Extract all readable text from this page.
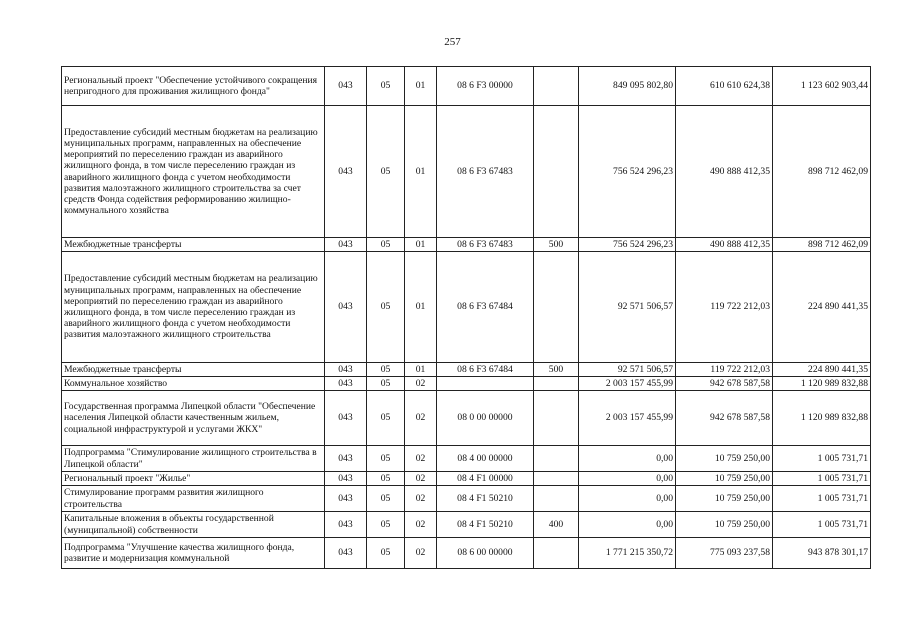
257
Региональный проект "Обеспечение устойчивого сокращения непригодного для проживания жилищного фонда"	043	05	01	08 6 F3 00000		849 095 802,80	610 610 624,38	1 123 602 903,44
Предоставление субсидий местным бюджетам на реализацию муниципальных программ, направленных на обеспечение мероприятий по переселению граждан из аварийного жилищного фонда, в том числе переселению граждан из аварийного жилищного фонда с учетом необходимости развития малоэтажного жилищного строительства за счет средств Фонда содействия реформированию жилищно-коммунального хозяйства	043	05	01	08 6 F3 67483		756 524 296,23	490 888 412,35	898 712 462,09
Межбюджетные трансферты	043	05	01	08 6 F3 67483	500	756 524 296,23	490 888 412,35	898 712 462,09
Предоставление субсидий местным бюджетам на реализацию муниципальных программ, направленных на обеспечение мероприятий по переселению граждан из аварийного жилищного фонда, в том числе переселению граждан из аварийного жилищного фонда с учетом необходимости развития малоэтажного жилищного строительства	043	05	01	08 6 F3 67484		92 571 506,57	119 722 212,03	224 890 441,35
Межбюджетные трансферты	043	05	01	08 6 F3 67484	500	92 571 506,57	119 722 212,03	224 890 441,35
Коммунальное хозяйство	043	05	02			2 003 157 455,99	942 678 587,58	1 120 989 832,88
Государственная программа Липецкой области "Обеспечение населения Липецкой области качественным жильем, социальной инфраструктурой и услугами ЖКХ"	043	05	02	08 0 00 00000		2 003 157 455,99	942 678 587,58	1 120 989 832,88
Подпрограмма "Стимулирование жилищного строительства в Липецкой области"	043	05	02	08 4 00 00000		0,00	10 759 250,00	1 005 731,71
Региональный проект "Жилье"	043	05	02	08 4 F1 00000		0,00	10 759 250,00	1 005 731,71
Стимулирование программ развития жилищного строительства	043	05	02	08 4 F1 50210		0,00	10 759 250,00	1 005 731,71
Капитальные вложения в объекты государственной (муниципальной) собственности	043	05	02	08 4 F1 50210	400	0,00	10 759 250,00	1 005 731,71
Подпрограмма "Улучшение качества жилищного фонда, развитие и модернизация коммунальной	043	05	02	08 6 00 00000		1 771 215 350,72	775 093 237,58	943 878 301,17
